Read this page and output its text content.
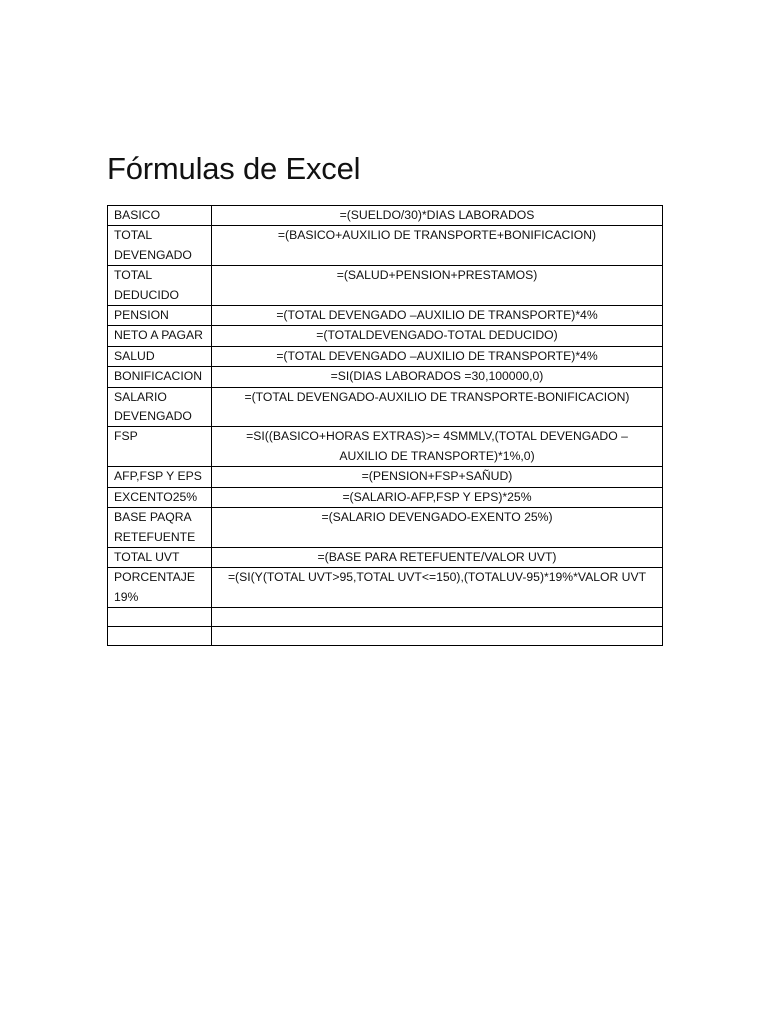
Fórmulas de Excel
BASICO	=(SUELDO/30)*DIAS LABORADOS
TOTAL DEVENGADO	=(BASICO+AUXILIO DE TRANSPORTE+BONIFICACION)
TOTAL DEDUCIDO	=(SALUD+PENSION+PRESTAMOS)
PENSION	=(TOTAL DEVENGADO –AUXILIO DE TRANSPORTE)*4%
NETO A PAGAR	=(TOTALDEVENGADO-TOTAL DEDUCIDO)
SALUD	=(TOTAL DEVENGADO –AUXILIO DE TRANSPORTE)*4%
BONIFICACION	=SI(DIAS LABORADOS =30,100000,0)
SALARIO DEVENGADO	=(TOTAL DEVENGADO-AUXILIO DE TRANSPORTE-BONIFICACION)
FSP	=SI((BASICO+HORAS EXTRAS)>= 4SMMLV,(TOTAL DEVENGADO – AUXILIO DE TRANSPORTE)*1%,0)
AFP,FSP Y EPS	=(PENSION+FSP+SAÑUD)
EXCENTO25%	=(SALARIO-AFP,FSP Y EPS)*25%
BASE PAQRA RETEFUENTE	=(SALARIO DEVENGADO-EXENTO 25%)
TOTAL UVT	=(BASE PARA RETEFUENTE/VALOR UVT)
PORCENTAJE 19%	=(SI(Y(TOTAL UVT>95,TOTAL UVT<=150),(TOTALUV-95)*19%*VALOR UVT
